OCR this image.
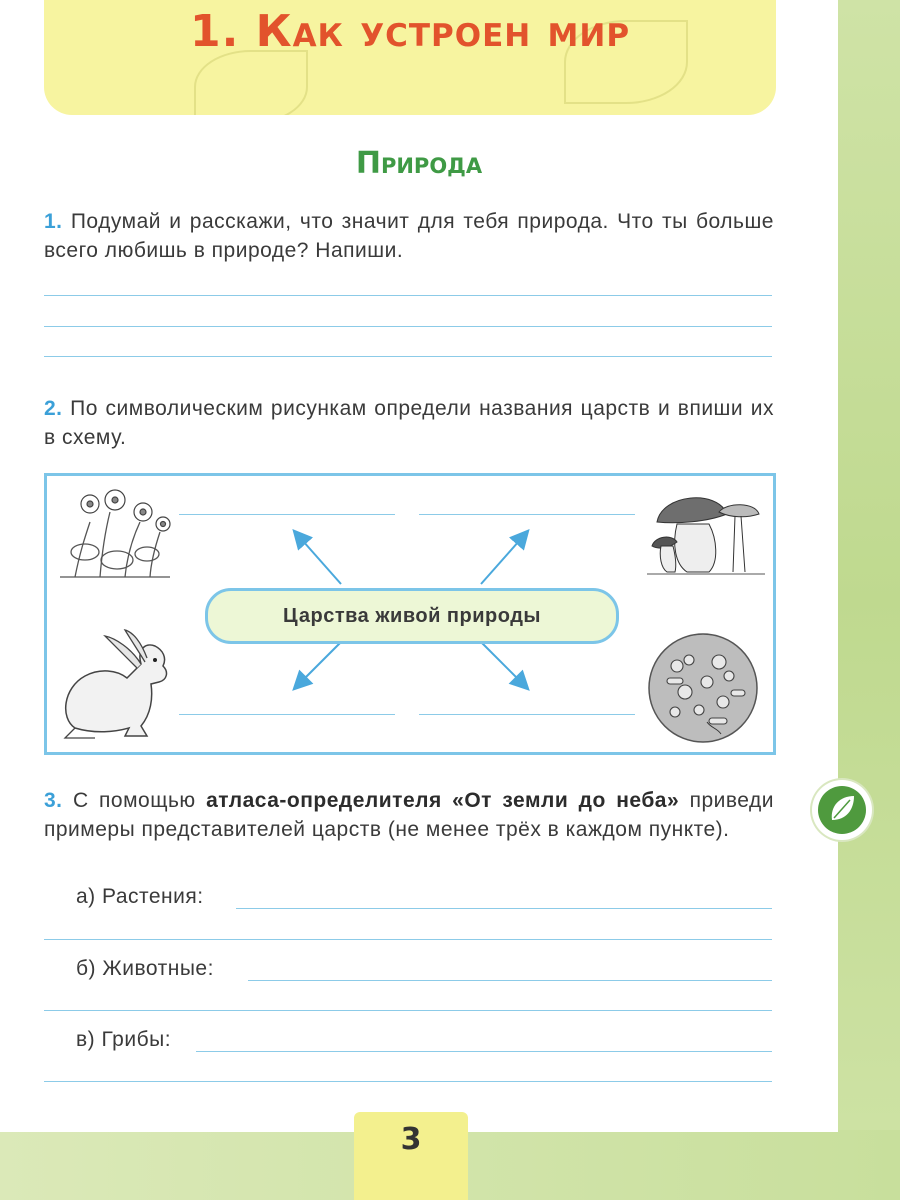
1. Как устроен мир
Природа
1. Подумай и расскажи, что значит для тебя природа. Что ты больше всего любишь в природе? Напиши.
2. По символическим рисункам определи названия царств и впиши их в схему.
Царства живой природы
3. С помощью атласа-определителя «От земли до неба» приведи примеры представителей царств (не менее трёх в каждом пункте).
а) Растения:
б) Животные:
в) Грибы:
3
